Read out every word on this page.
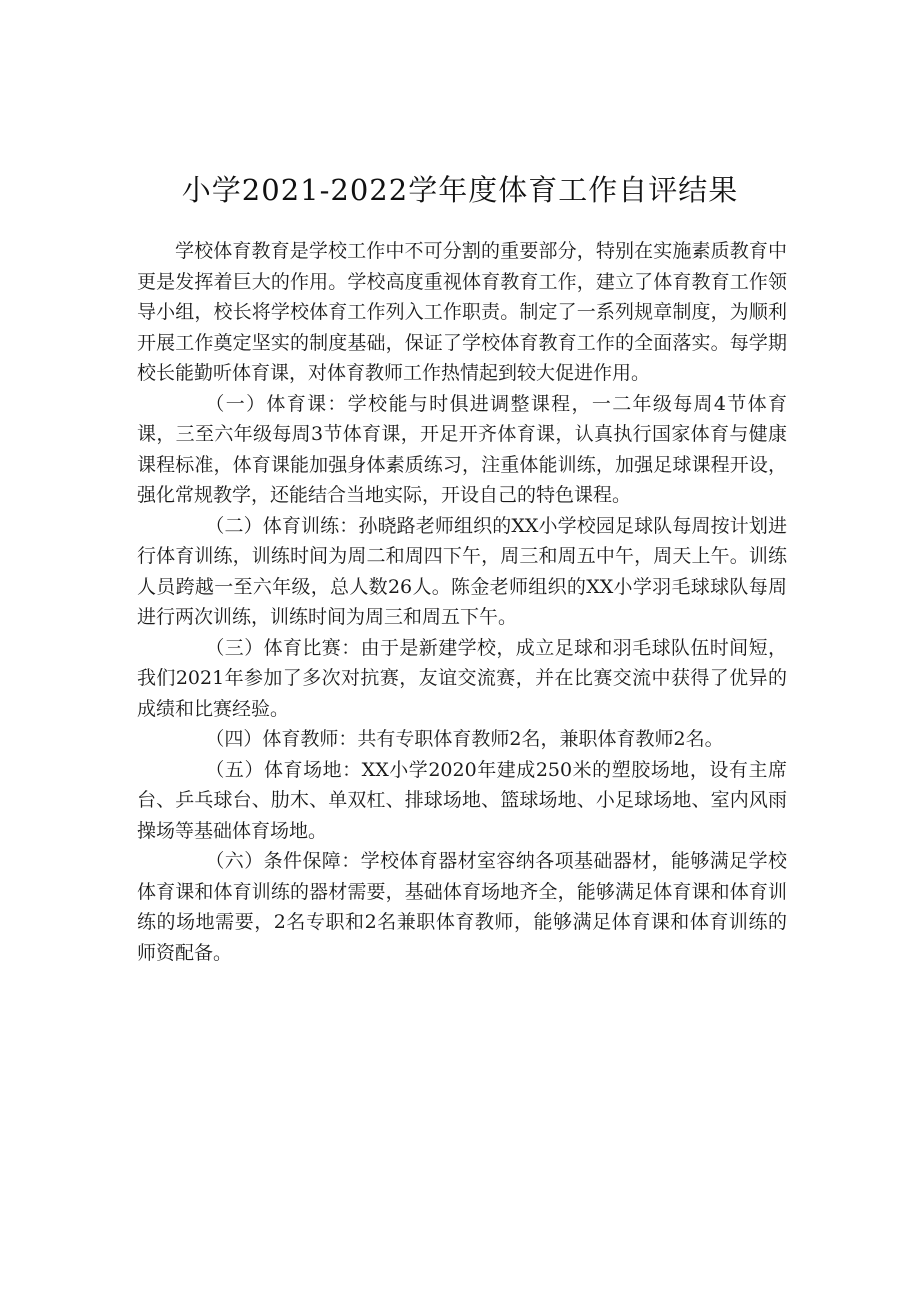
小学2021-2022学年度体育工作自评结果

学校体育教育是学校工作中不可分割的重要部分，特别在实施素质教育中更是发挥着巨大的作用。学校高度重视体育教育工作，建立了体育教育工作领导小组，校长将学校体育工作列入工作职责。制定了一系列规章制度，为顺利开展工作奠定坚实的制度基础，保证了学校体育教育工作的全面落实。每学期校长能勤听体育课，对体育教师工作热情起到较大促进作用。

（一）体育课：学校能与时俱进调整课程，一二年级每周4节体育课，三至六年级每周3节体育课，开足开齐体育课，认真执行国家体育与健康课程标准，体育课能加强身体素质练习，注重体能训练，加强足球课程开设，强化常规教学，还能结合当地实际，开设自己的特色课程。

（二）体育训练：孙晓路老师组织的XX小学校园足球队每周按计划进行体育训练，训练时间为周二和周四下午，周三和周五中午，周天上午。训练人员跨越一至六年级，总人数26人。陈金老师组织的XX小学羽毛球球队每周进行两次训练，训练时间为周三和周五下午。

（三）体育比赛：由于是新建学校，成立足球和羽毛球队伍时间短，我们2021年参加了多次对抗赛，友谊交流赛，并在比赛交流中获得了优异的成绩和比赛经验。

（四）体育教师：共有专职体育教师2名，兼职体育教师2名。

（五）体育场地：XX小学2020年建成250米的塑胶场地，设有主席台、乒乓球台、肋木、单双杠、排球场地、篮球场地、小足球场地、室内风雨操场等基础体育场地。

（六）条件保障：学校体育器材室容纳各项基础器材，能够满足学校体育课和体育训练的器材需要，基础体育场地齐全，能够满足体育课和体育训练的场地需要，2名专职和2名兼职体育教师，能够满足体育课和体育训练的师资配备。
